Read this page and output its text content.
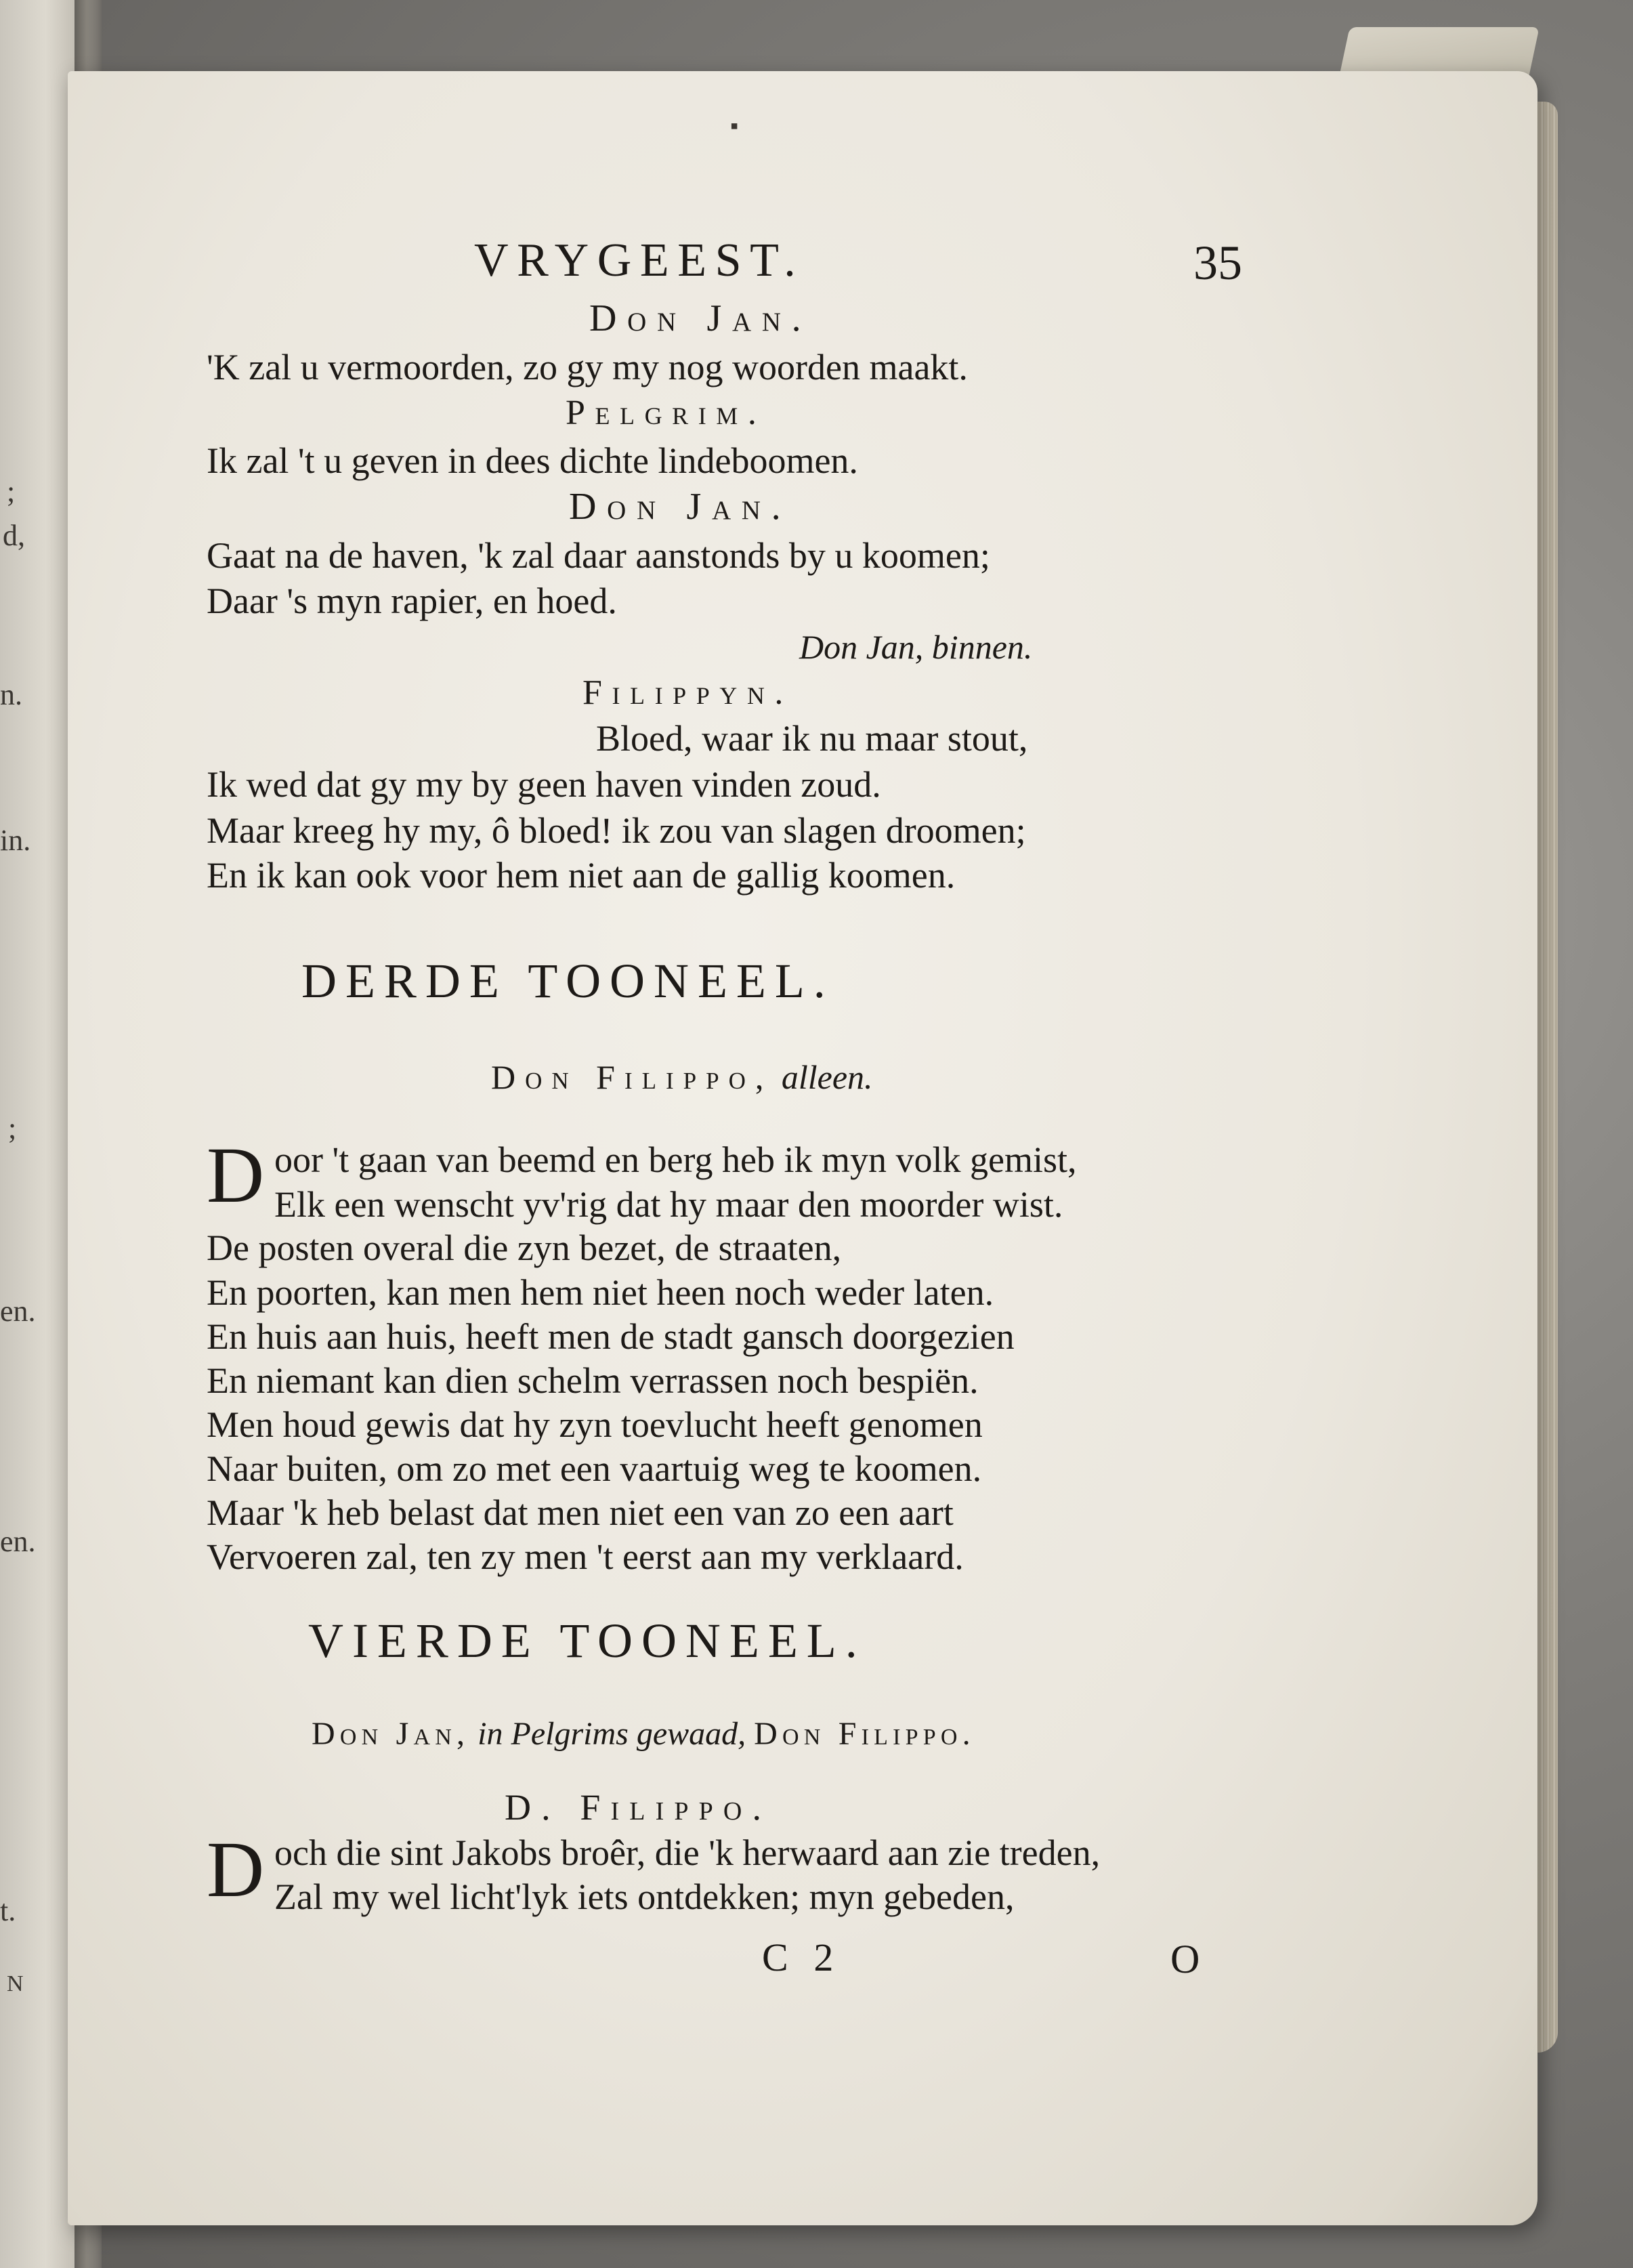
;
d,
n.
in.
;
en.
en.
t.
N
▪
VRYGEEST.	35
Don Jan.
'K zal u vermoorden, zo gy my nog woorden maakt.
Pelgrim.
Ik zal 't u geven in dees dichte lindeboomen.
Don Jan.
Gaat na de haven, 'k zal daar aanstonds by u koomen;
Daar 's myn rapier, en hoed.
Don Jan, binnen.
Filippyn.
Bloed, waar ik nu maar stout,
Ik wed dat gy my by geen haven vinden zoud.
Maar kreeg hy my, ô bloed! ik zou van slagen droomen;
En ik kan ook voor hem niet aan de gallig koomen.
DERDE TOONEEL.
Don Filippo, alleen.
D oor 't gaan van beemd en berg heb ik myn volk gemist,
Elk een wenscht yv'rig dat hy maar den moorder wist.
De posten overal die zyn bezet, de straaten,
En poorten, kan men hem niet heen noch weder laten.
En huis aan huis, heeft men de stadt gansch doorgezien
En niemant kan dien schelm verrassen noch bespiën.
Men houd gewis dat hy zyn toevlucht heeft genomen
Naar buiten, om zo met een vaartuig weg te koomen.
Maar 'k heb belast dat men niet een van zo een aart
Vervoeren zal, ten zy men 't eerst aan my verklaard.
VIERDE TOONEEL.
Don Jan, in Pelgrims gewaad, Don Filippo.
D. Filippo.
D och die sint Jakobs broêr, die 'k herwaard aan zie treden,
Zal my wel licht'lyk iets ontdekken; myn gebeden,
C 2	O
